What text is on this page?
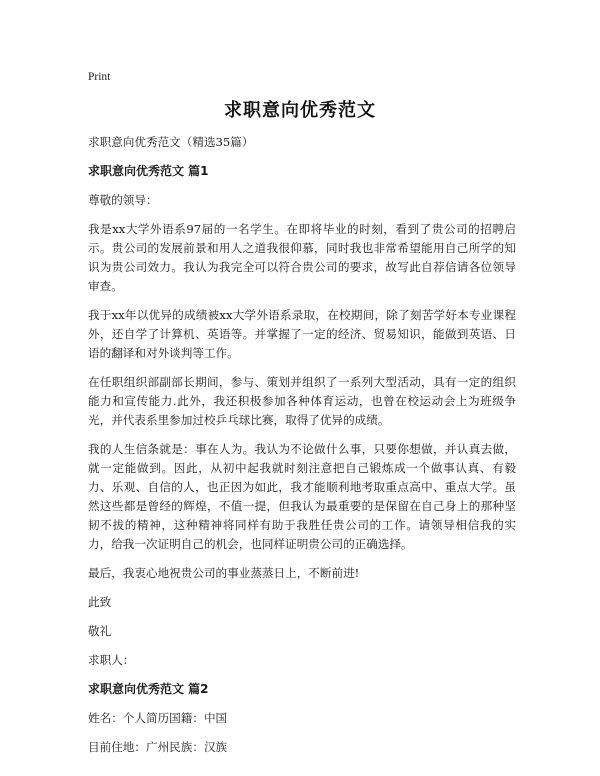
Print
求职意向优秀范文

求职意向优秀范文（精选35篇）

求职意向优秀范文 篇1

尊敬的领导：

我是xx大学外语系97届的一名学生。在即将毕业的时刻，看到了贵公司的招聘启示。贵公司的发展前景和用人之道我很仰慕，同时我也非常希望能用自己所学的知识为贵公司效力。我认为我完全可以符合贵公司的要求，故写此自荐信请各位领导审查。

我于xx年以优异的成绩被xx大学外语系录取，在校期间，除了刻苦学好本专业课程外，还自学了计算机、英语等。并掌握了一定的经济、贸易知识，能做到英语、日语的翻译和对外谈判等工作。

在任职组织部副部长期间，参与、策划并组织了一系列大型活动，具有一定的组织能力和宣传能力.此外，我还积极参加各种体育运动，也曾在校运动会上为班级争光，并代表系里参加过校乒乓球比赛，取得了优异的成绩。

我的人生信条就是：事在人为。我认为不论做什么事，只要你想做，并认真去做，就一定能做到。因此，从初中起我就时刻注意把自己锻炼成一个做事认真、有毅力、乐观、自信的人，也正因为如此，我才能顺利地考取重点高中、重点大学。虽然这些都是曾经的辉煌，不值一提，但我认为最重要的是保留在自己身上的那种坚韧不拔的精神，这种精神将同样有助于我胜任贵公司的工作。请领导相信我的实力，给我一次证明自己的机会，也同样证明贵公司的正确选择。

最后，我衷心地祝贵公司的事业蒸蒸日上，不断前进!

此致

敬礼

求职人：

求职意向优秀范文 篇2

姓名：个人简历国籍：中国

目前住地：广州民族：汉族
